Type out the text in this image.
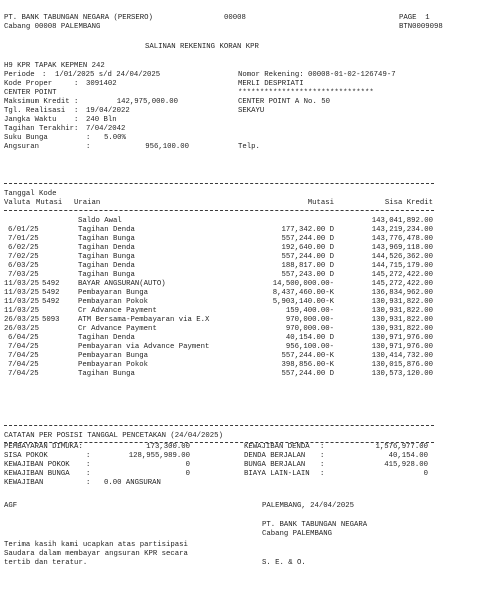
PT. BANK TABUNGAN NEGARA (PERSERO)	00008	PAGE  1
Cabang 00008 PALEMBANG	BTN0009098
SALINAN REKENING KORAN KPR
H9 KPR TAPAK KEPMEN 242
Periode : 1/01/2025 s/d 24/04/2025
Kode Proper	: 3091402
CENTER POINT
Maksimum Kredit :	142,975,000.00
Tgl. Realisasi : 19/04/2022
Jangka Waktu : 240 Bln
Tagihan Terakhir : 7/04/2042
Suku Bunga	: 5.00%
Angsuran	:	956,100.00
Nomor Rekening: 00008-01-02-126749-7
MERLI DESPRIATI
*******************************
CENTER POINT A No. 50
SEKAYU
Telp.
Tanggal Kode
Valuta Mutasi Uraian	Mutasi	Sisa Kredit
Saldo Awal	143,041,892.00
6/01/25	Tagihan Denda	177,342.00 D	143,219,234.00
7/01/25	Tagihan Bunga	557,244.00 D	143,776,478.00
6/02/25	Tagihan Denda	192,640.00 D	143,969,118.00
7/02/25	Tagihan Bunga	557,244.00 D	144,526,362.00
6/03/25	Tagihan Denda	188,817.00 D	144,715,179.00
7/03/25	Tagihan Bunga	557,243.00 D	145,272,422.00
11/03/25 5492	BAYAR ANGSURAN(AUTO)	14,500,000.00-	145,272,422.00
11/03/25 5492	Pembayaran Bunga	8,437,460.00-K	136,834,962.00
11/03/25 5492	Pembayaran Pokok	5,903,140.00-K	130,931,822.00
11/03/25	Cr Advance Payment	159,400.00-	130,931,822.00
26/03/25 5093	ATM Bersama-Pembayaran via E.X	970,000.00-	130,931,822.00
26/03/25	Cr Advance Payment	970,000.00-	130,931,822.00
6/04/25	Tagihan Denda	40,154.00 D	130,971,976.00
7/04/25	Pembayaran via Advance Payment	956,100.00-	130,971,976.00
7/04/25	Pembayaran Bunga	557,244.00-K	130,414,732.00
7/04/25	Pembayaran Pokok	398,856.00-K	130,015,876.00
7/04/25	Tagihan Bunga	557,244.00 D	130,573,120.00
CATATAN PER POSISI TANGGAL PENCETAKAN (24/04/2025)
PEMBAYARAN DIMUKA:	173,300.00
SISA POKOK	:	128,955,989.00
KEWAJIBAN POKOK :	0
KEWAJIBAN BUNGA :	0
KEWAJIBAN	: 0.00 ANGSURAN
KEWAJIBAN DENDA :	1,576,977.00
DENDA BERJALAN :	40,154.00
BUNGA BERJALAN :	415,928.00
BIAYA LAIN-LAIN :	0
AGF	PALEMBANG, 24/04/2025
PT. BANK TABUNGAN NEGARA
Cabang PALEMBANG
Terima kasih kami ucapkan atas partisipasi
Saudara dalam membayar angsuran KPR secara
tertib dan teratur.	S. E. & O.
